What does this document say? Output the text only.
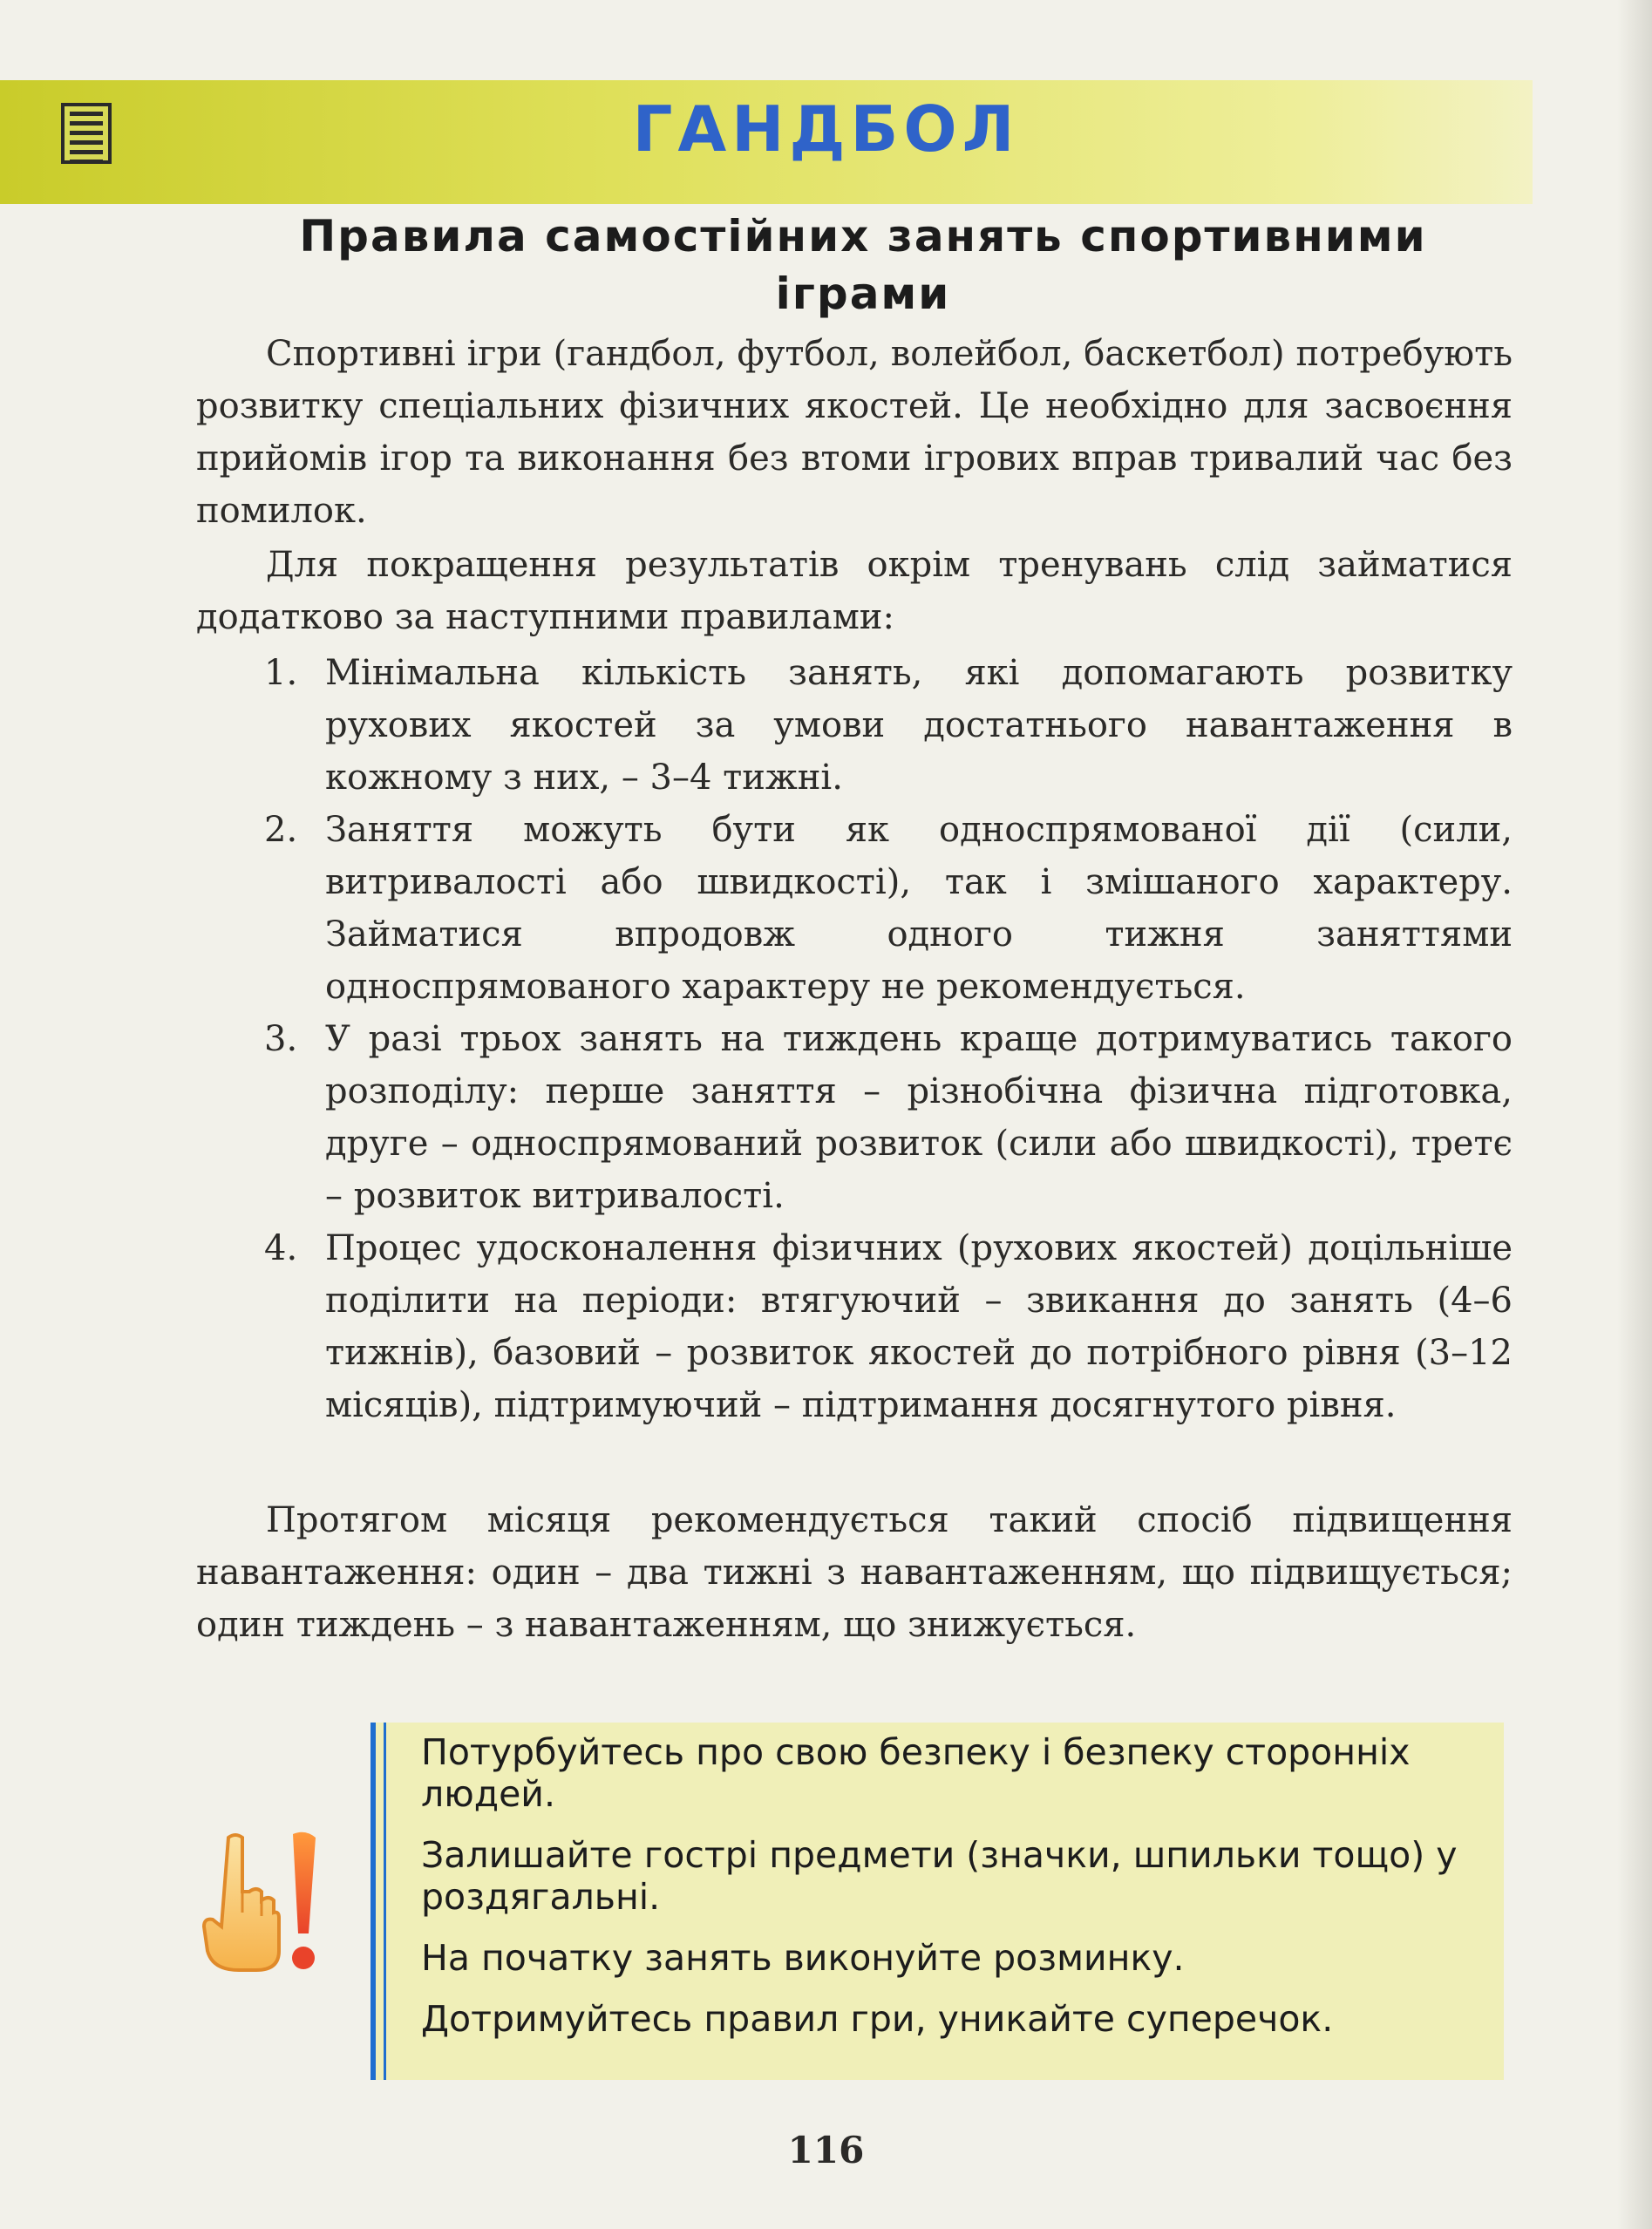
ГАНДБОЛ
Правила самостійних занять спортивними іграми

Спортивні ігри (гандбол, футбол, волейбол, баскетбол) потребують розвитку спеціальних фізичних якостей. Це необхідно для засвоєння прийомів ігор та виконання без втоми ігрових вправ тривалий час без помилок.

Для покращення результатів окрім тренувань слід займатися додатково за наступними правилами:

1. Мінімальна кількість занять, які допомагають розвитку рухових якостей за умови достатнього навантаження в кожному з них, – 3–4 тижні.
2. Заняття можуть бути як односпрямованої дії (сили, витривалості або швидкості), так і змішаного характеру. Займатися впродовж одного тижня заняттями односпрямованого характеру не рекомендується.
3. У разі трьох занять на тиждень краще дотримуватись такого розподілу: перше заняття – різнобічна фізична підготовка, друге – односпрямований розвиток (сили або швидкості), третє – розвиток витривалості.
4. Процес удосконалення фізичних (рухових якостей) доцільніше поділити на періоди: втягуючий – звикання до занять (4–6 тижнів), базовий – розвиток якостей до потрібного рівня (3–12 місяців), підтримуючий – підтримання досягнутого рівня.

Протягом місяця рекомендується такий спосіб підвищення навантаження: один – два тижні з навантаженням, що підвищується; один тиждень – з навантаженням, що знижується.

Потурбуйтесь про свою безпеку і безпеку сторонніх людей.
Залишайте гострі предмети (значки, шпильки тощо) у роздягальні.
На початку занять виконуйте розминку.
Дотримуйтесь правил гри, уникайте суперечок.
116
